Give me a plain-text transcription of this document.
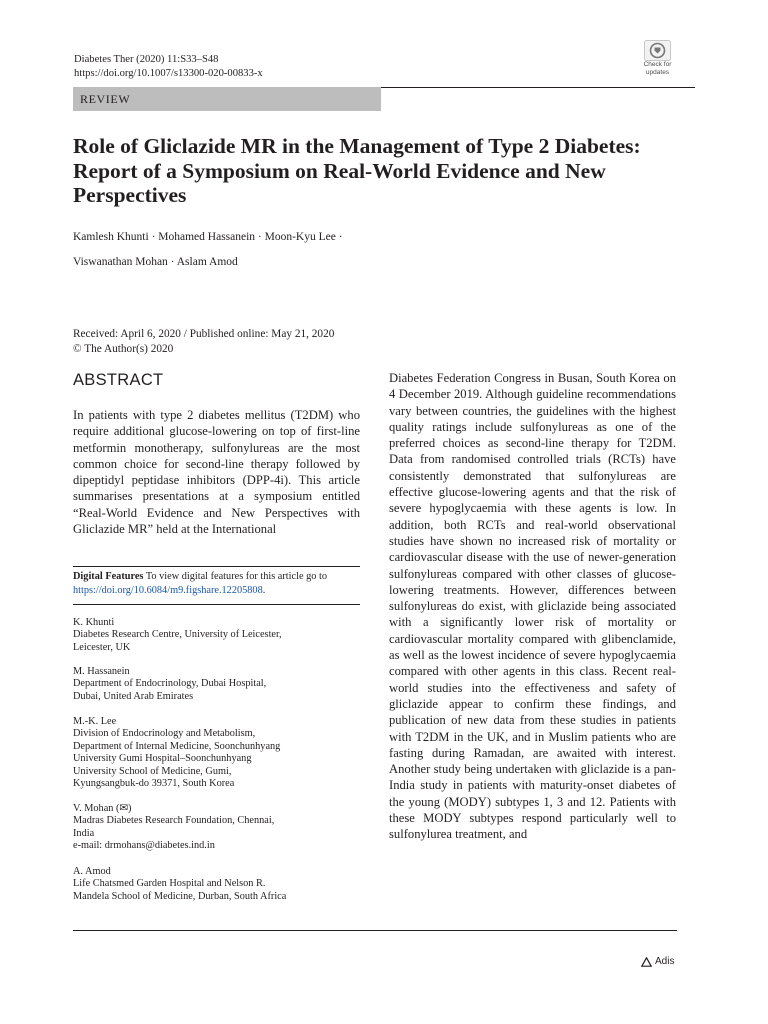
Diabetes Ther (2020) 11:S33–S48
https://doi.org/10.1007/s13300-020-00833-x
Check for
updates
REVIEW
Role of Gliclazide MR in the Management of Type 2 Diabetes: Report of a Symposium on Real-World Evidence and New Perspectives
Kamlesh Khunti · Mohamed Hassanein · Moon-Kyu Lee ·
Viswanathan Mohan · Aslam Amod
Received: April 6, 2020 / Published online: May 21, 2020
© The Author(s) 2020
ABSTRACT
In patients with type 2 diabetes mellitus (T2DM) who require additional glucose-lowering on top of first-line metformin monotherapy, sulfonylureas are the most common choice for second-line therapy followed by dipeptidyl peptidase inhibitors (DPP-4i). This article summarises presentations at a symposium entitled “Real-World Evidence and New Perspectives with Gliclazide MR” held at the International
Digital Features To view digital features for this article go to https://doi.org/10.6084/m9.figshare.12205808.
K. Khunti
Diabetes Research Centre, University of Leicester,
Leicester, UK
M. Hassanein
Department of Endocrinology, Dubai Hospital,
Dubai, United Arab Emirates
M.-K. Lee
Division of Endocrinology and Metabolism,
Department of Internal Medicine, Soonchunhyang
University Gumi Hospital–Soonchunhyang
University School of Medicine, Gumi,
Kyungsangbuk-do 39371, South Korea
V. Mohan (✉)
Madras Diabetes Research Foundation, Chennai,
India
e-mail: drmohans@diabetes.ind.in
A. Amod
Life Chatsmed Garden Hospital and Nelson R.
Mandela School of Medicine, Durban, South Africa
Diabetes Federation Congress in Busan, South Korea on 4 December 2019. Although guideline recommendations vary between countries, the guidelines with the highest quality ratings include sulfonylureas as one of the preferred choices as second-line therapy for T2DM. Data from randomised controlled trials (RCTs) have consistently demonstrated that sulfonylureas are effective glucose-lowering agents and that the risk of severe hypoglycaemia with these agents is low. In addition, both RCTs and real-world observational studies have shown no increased risk of mortality or cardiovascular disease with the use of newer-generation sulfonylureas compared with other classes of glucose-lowering treatments. However, differences between sulfonylureas do exist, with gliclazide being associated with a significantly lower risk of mortality or cardiovascular mortality compared with glibenclamide, as well as the lowest incidence of severe hypoglycaemia compared with other agents in this class. Recent real-world studies into the effectiveness and safety of gliclazide appear to confirm these findings, and publication of new data from these studies in patients with T2DM in the UK, and in Muslim patients who are fasting during Ramadan, are awaited with interest. Another study being undertaken with gliclazide is a pan-India study in patients with maturity-onset diabetes of the young (MODY) subtypes 1, 3 and 12. Patients with these MODY subtypes respond particularly well to sulfonylurea treatment, and
Adis
